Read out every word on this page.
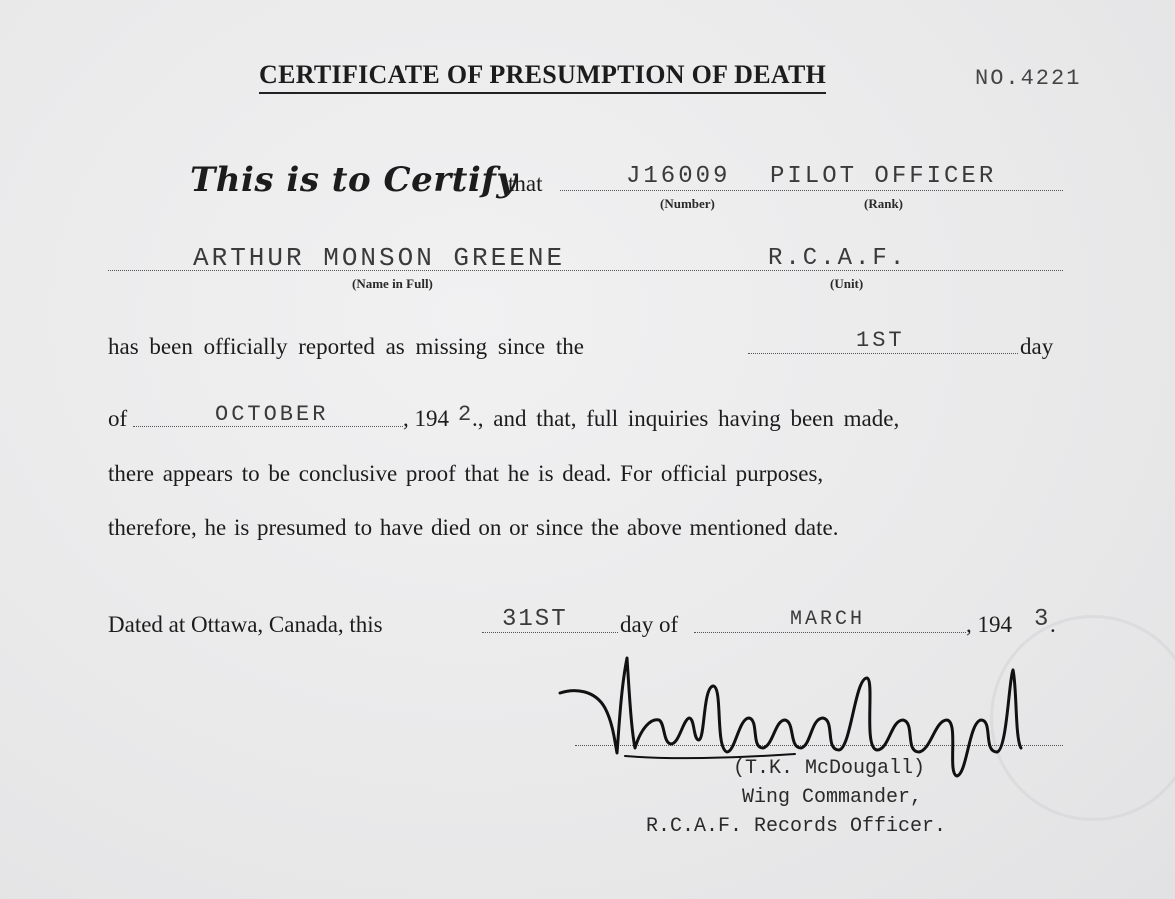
CERTIFICATE OF PRESUMPTION OF DEATH	NO.4221
This is to Certify
that	J16009 PILOT OFFICER
(Number)	(Rank)
ARTHUR MONSON GREENE	R.C.A.F.
(Name in Full)	(Unit)
has been officially reported as missing since the	1ST	day
of	OCTOBER	, 194 2 ., and that, full inquiries having been made,
there appears to be conclusive proof that he is dead. For official purposes,
therefore, he is presumed to have died on or since the above mentioned date.
Dated at Ottawa, Canada, this	31ST day of	MARCH	, 194 3 .
(T.K. McDougall)
Wing Commander,
R.C.A.F. Records Officer.
